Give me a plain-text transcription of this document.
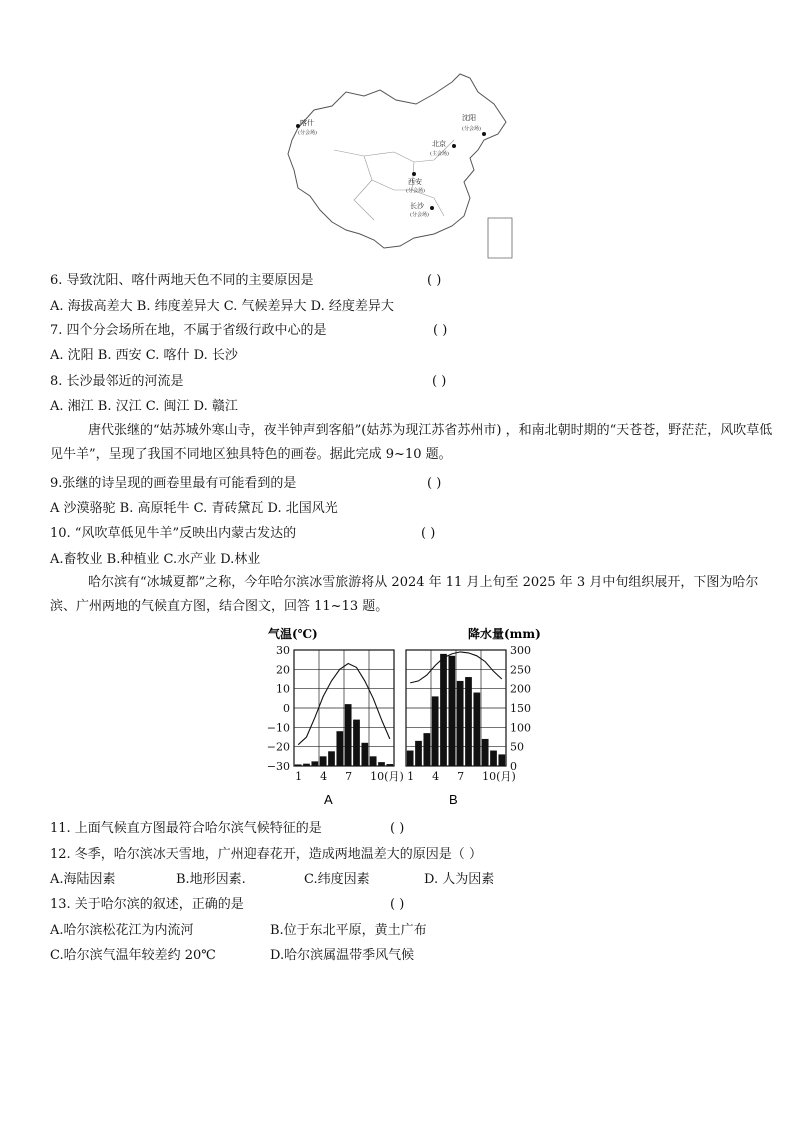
喀什
(分会场)
沈阳
(分会场)
北京
(主会场)
西安
(分会场)
长沙
(分会场)
6. 导致沈阳、喀什两地天色不同的主要原因是	( )
A. 海拔高差大 B. 纬度差异大 C. 气候差异大 D. 经度差异大
7. 四个分会场所在地，不属于省级行政中心的是	( )
A. 沈阳 B. 西安 C. 喀什 D. 长沙
8. 长沙最邻近的河流是	( )
A. 湘江 B. 汉江 C. 闽江 D. 赣江
唐代张继的“姑苏城外寒山寺，夜半钟声到客船”(姑苏为现江苏省苏州市) ，和南北朝时期的“天苍苍，野茫茫，风吹草低见牛羊”，呈现了我国不同地区独具特色的画卷。据此完成 9~10 题。
9.张继的诗呈现的画卷里最有可能看到的是	( )
A 沙漠骆驼 B. 高原牦牛 C. 青砖黛瓦 D. 北国风光
10. “风吹草低见牛羊”反映出内蒙古发达的	( )
A.畜牧业 B.种植业 C.水产业 D.林业
哈尔滨有“冰城夏都”之称，今年哈尔滨冰雪旅游将从 2024 年 11 月上旬至 2025 年 3 月中旬组织展开，下图为哈尔滨、广州两地的气候直方图，结合图文，回答 11~13 题。
1 4 7 10(月)
30
20
10
0
−10
−20
−30
1 4 7 10(月)
300
250
200
150
100
50
0
气温(℃)	降水量(mm)
A	B
11. 上面气候直方图最符合哈尔滨气候特征的是	( )
12. 冬季，哈尔滨冰天雪地，广州迎春花开，造成两地温差大的原因是（ ）
A.海陆因素	B.地形因素.	C.纬度因素	D. 人为因素
13. 关于哈尔滨的叙述，正确的是	( )
A.哈尔滨松花江为内流河	B.位于东北平原，黄土广布
C.哈尔滨气温年较差约 20℃	D.哈尔滨属温带季风气候
